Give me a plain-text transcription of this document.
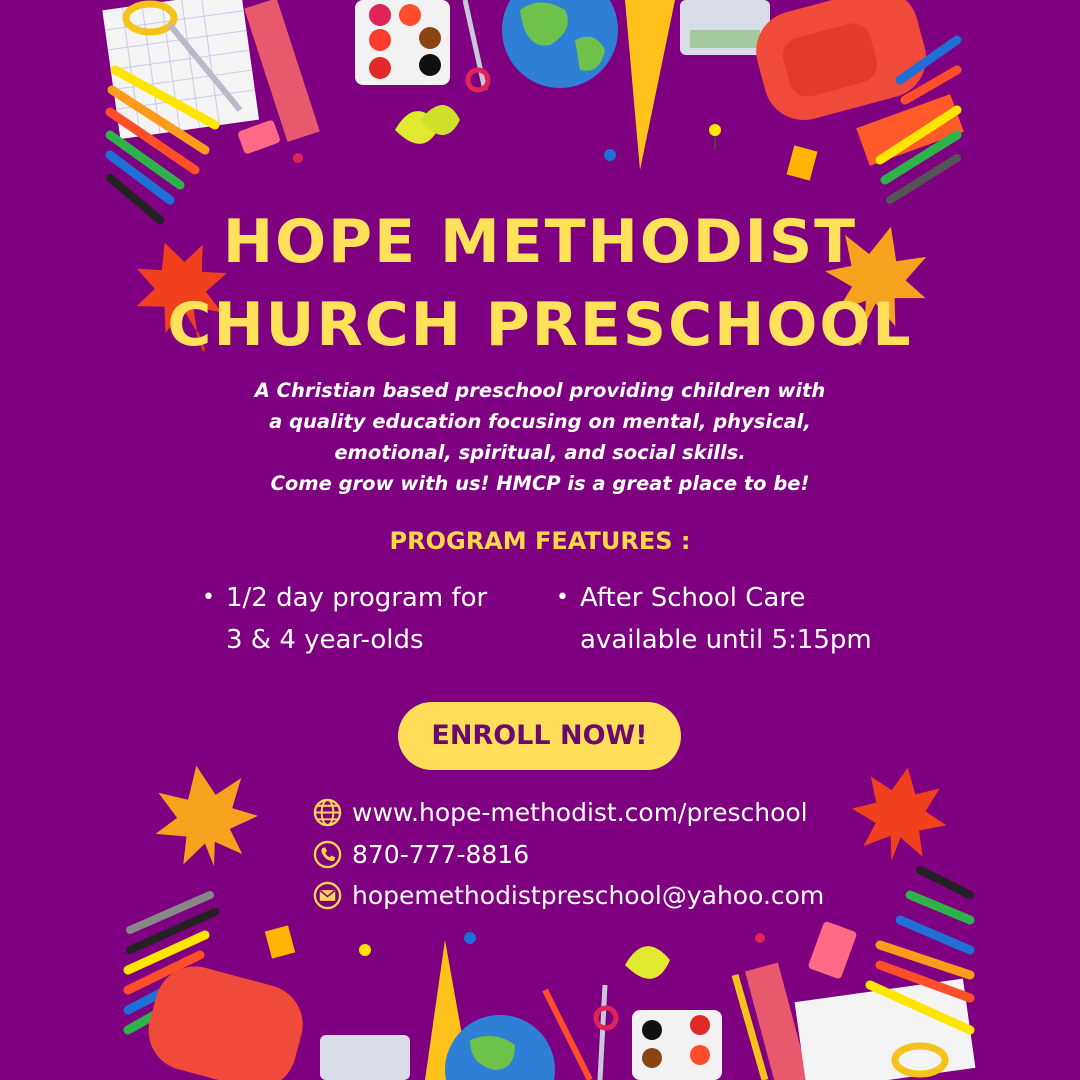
HOPE METHODIST
CHURCH PRESCHOOL
A Christian based preschool providing children with
a quality education focusing on mental, physical,
emotional, spiritual, and social skills.
Come grow with us! HMCP is a great place to be!
PROGRAM FEATURES :
• 1/2 day program for
3 & 4 year-olds
• After School Care
available until 5:15pm
ENROLL NOW!
www.hope-methodist.com/preschool
870-777-8816
hopemethodistpreschool@yahoo.com
